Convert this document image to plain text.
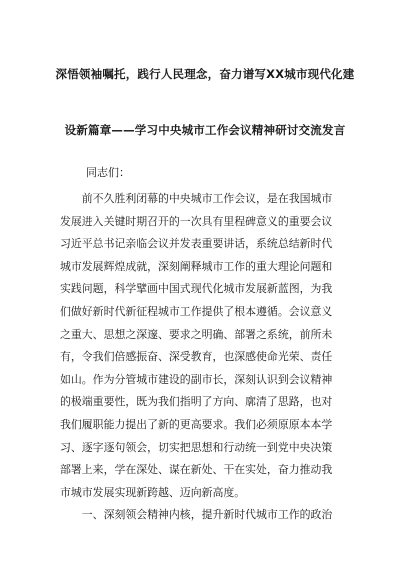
深悟领袖嘱托，践行人民理念，奋力谱写XX城市现代化建
设新篇章——学习中央城市工作会议精神研讨交流发言
同志们：
　　前不久胜利闭幕的中央城市工作会议，是在我国城市
发展进入关键时期召开的一次具有里程碑意义的重要会议
习近平总书记亲临会议并发表重要讲话，系统总结新时代
城市发展辉煌成就，深刻阐释城市工作的重大理论问题和
实践问题，科学擘画中国式现代化城市发展新蓝图，为我
们做好新时代新征程城市工作提供了根本遵循。会议意义
之重大、思想之深邃、要求之明确、部署之系统，前所未
有，令我们倍感振奋、深受教育，也深感使命光荣、责任
如山。作为分管城市建设的副市长，深刻认识到会议精神
的极端重要性，既为我们指明了方向、廓清了思路，也对
我们履职能力提出了新的更高要求。我们必须原原本本学
习、逐字逐句领会，切实把思想和行动统一到党中央决策
部署上来，学在深处、谋在新处、干在实处，奋力推动我
市城市发展实现新跨越、迈向新高度。
　　一、深刻领会精神内核，提升新时代城市工作的政治
